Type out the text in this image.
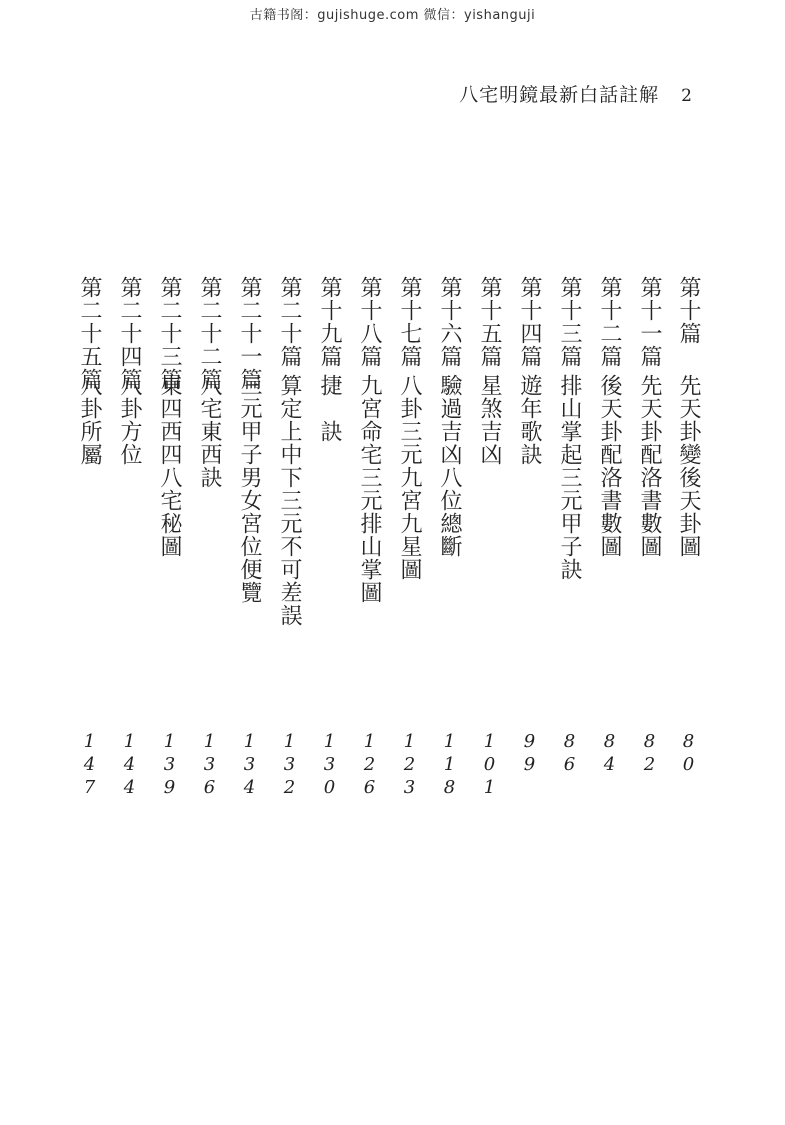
古籍书阁：gujishuge.com 微信：yishanguji
八宅明鏡最新白話註解 2
第十篇
先天卦變後天卦圖
80
第十一篇
先天卦配洛書數圖
82
第十二篇
後天卦配洛書數圖
84
第十三篇
排山掌起三元甲子訣
86
第十四篇
遊年歌訣
99
第十五篇
星煞吉凶
101
第十六篇
驗過吉凶八位總斷
118
第十七篇
八卦三元九宮九星圖
123
第十八篇
九宮命宅三元排山掌圖
126
第十九篇
捷　訣
130
第二十篇
算定上中下三元不可差誤
132
第二十一篇
三元甲子男女宮位便覽
134
第二十二篇
八宅東西訣
136
第二十三篇
東四西四八宅秘圖
139
第二十四篇
八卦方位
144
第二十五篇
八卦所屬
147
